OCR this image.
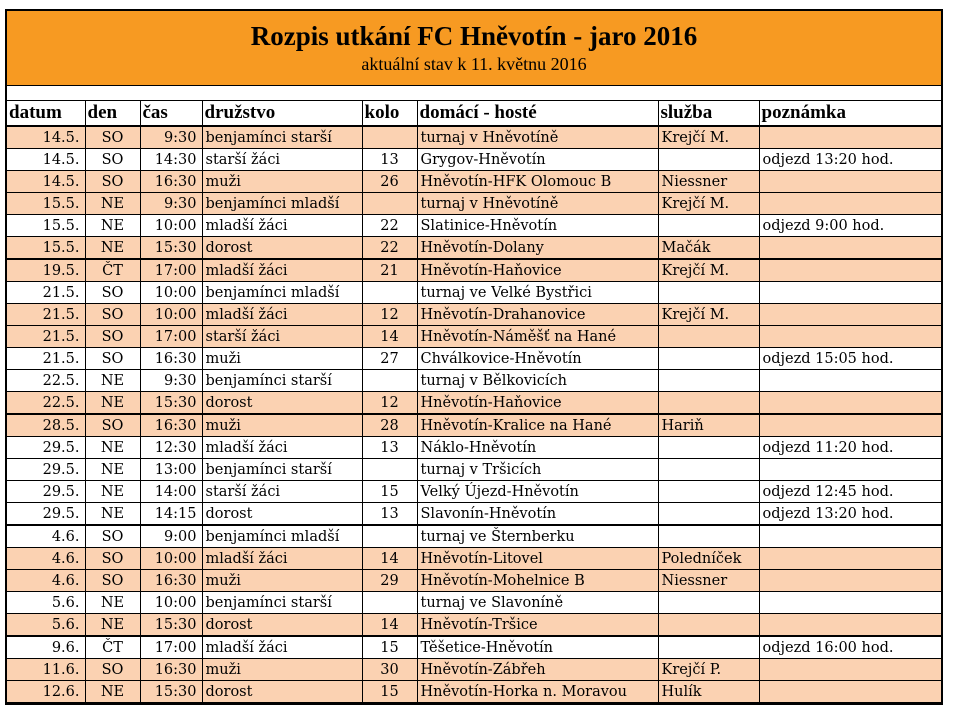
Rozpis utkání FC Hněvotín - jaro 2016
aktuální stav k 11. květnu 2016
datum	den	čas	družstvo	kolo	domácí - hosté	služba	poznámka
14.5.	SO	9:30	benjamínci starší		turnaj v Hněvotíně	Krejčí M.	
14.5.	SO	14:30	starší žáci	13	Grygov-Hněvotín		odjezd 13:20 hod.
14.5.	SO	16:30	muži	26	Hněvotín-HFK Olomouc B	Niessner	
15.5.	NE	9:30	benjamínci mladší		turnaj v Hněvotíně	Krejčí M.	
15.5.	NE	10:00	mladší žáci	22	Slatinice-Hněvotín		odjezd 9:00 hod.
15.5.	NE	15:30	dorost	22	Hněvotín-Dolany	Mačák	
19.5.	ČT	17:00	mladší žáci	21	Hněvotín-Haňovice	Krejčí M.	
21.5.	SO	10:00	benjamínci mladší		turnaj ve Velké Bystřici		
21.5.	SO	10:00	mladší žáci	12	Hněvotín-Drahanovice	Krejčí M.	
21.5.	SO	17:00	starší žáci	14	Hněvotín-Náměšť na Hané		
21.5.	SO	16:30	muži	27	Chválkovice-Hněvotín		odjezd 15:05 hod.
22.5.	NE	9:30	benjamínci starší		turnaj v Bělkovicích		
22.5.	NE	15:30	dorost	12	Hněvotín-Haňovice		
28.5.	SO	16:30	muži	28	Hněvotín-Kralice na Hané	Hariň	
29.5.	NE	12:30	mladší žáci	13	Náklo-Hněvotín		odjezd 11:20 hod.
29.5.	NE	13:00	benjamínci starší		turnaj v Tršicích		
29.5.	NE	14:00	starší žáci	15	Velký Újezd-Hněvotín		odjezd 12:45 hod.
29.5.	NE	14:15	dorost	13	Slavonín-Hněvotín		odjezd 13:20 hod.
4.6.	SO	9:00	benjamínci mladší		turnaj ve Šternberku		
4.6.	SO	10:00	mladší žáci	14	Hněvotín-Litovel	Poledníček	
4.6.	SO	16:30	muži	29	Hněvotín-Mohelnice B	Niessner	
5.6.	NE	10:00	benjamínci starší		turnaj ve Slavoníně		
5.6.	NE	15:30	dorost	14	Hněvotín-Tršice		
9.6.	ČT	17:00	mladší žáci	15	Těšetice-Hněvotín		odjezd 16:00 hod.
11.6.	SO	16:30	muži	30	Hněvotín-Zábřeh	Krejčí P.	
12.6.	NE	15:30	dorost	15	Hněvotín-Horka n. Moravou	Hulík	
